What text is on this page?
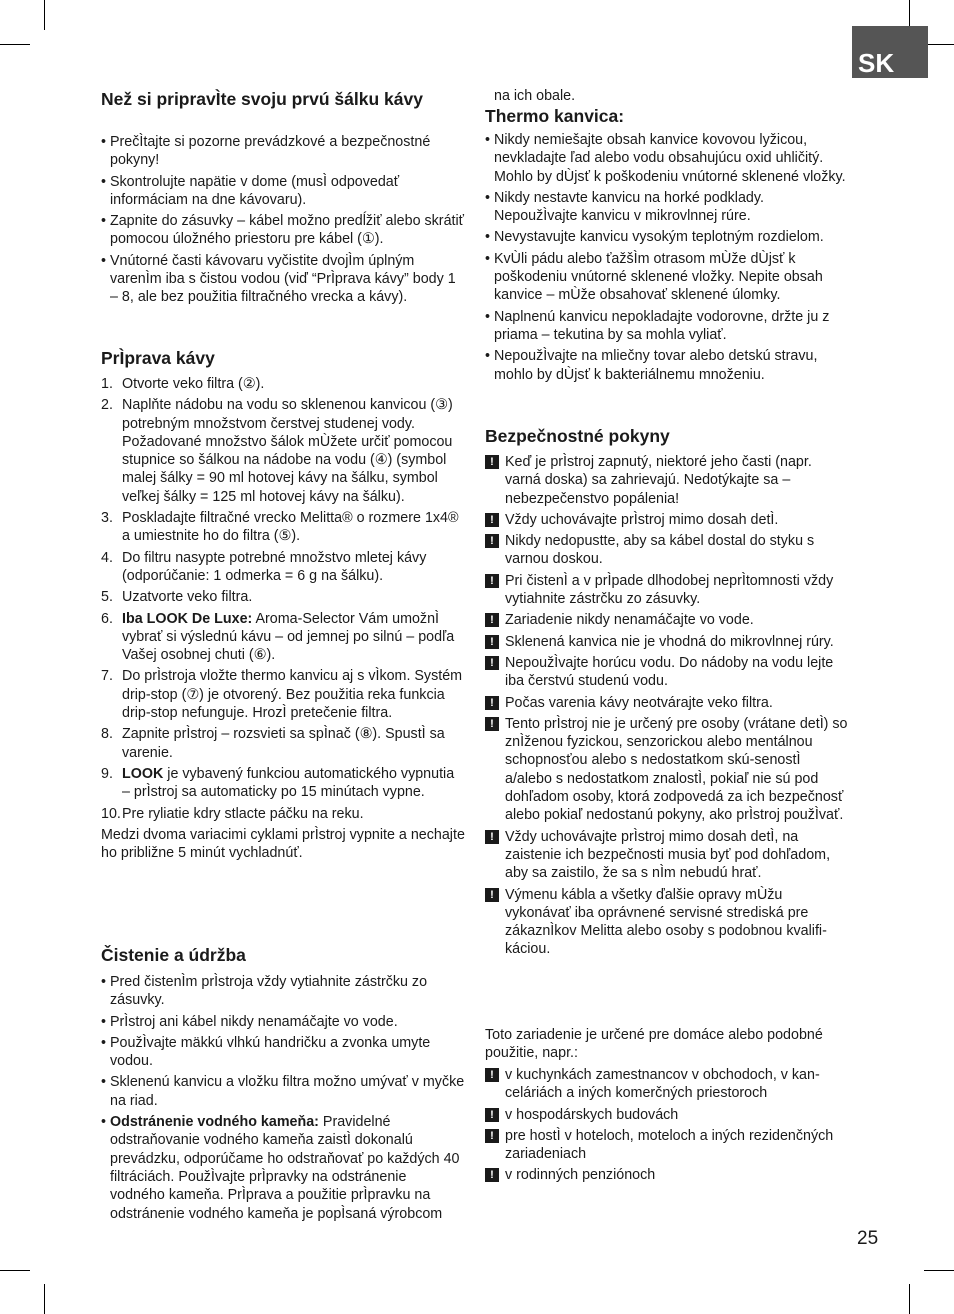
SK
Než si pripravÌte svoju prvú šálku kávy
• PrečÌtajte si pozorne prevádzkové a bezpečnostné pokyny!
• Skontrolujte napätie v dome (musÌ odpovedať informáciam na dne kávovaru).
• Zapnite do zásuvky – kábel možno predĺžiť alebo skrátiť pomocou úložného priestoru pre kábel (①).
• Vnútorné časti kávovaru vyčistite dvojÌm úplným varenÌm iba s čistou vodou (viď “PrÌprava kávy” body 1 – 8, ale bez použitia filtračného vrecka a kávy).
PrÌprava kávy
1. Otvorte veko filtra (②).
2. Naplňte nádobu na vodu so sklenenou kanvicou (③) potrebným množstvom čerstvej studenej vody. Požadované množstvo šálok mÙžete určiť pomocou stupnice so šálkou na nádobe na vodu (④) (symbol malej šálky = 90 ml hotovej kávy na šálku, symbol veľkej šálky = 125 ml hotovej kávy na šálku).
3. Poskladajte filtračné vrecko Melitta® o rozmere 1x4® a umiestnite ho do filtra (⑤).
4. Do filtru nasypte potrebné množstvo mletej kávy (odporúčanie: 1 odmerka = 6 g na šálku).
5. Uzatvorte veko filtra.
6. Iba LOOK De Luxe: Aroma-Selector Vám umožnÌ vybrať si výslednú kávu – od jemnej po silnú – podľa Vašej osobnej chuti (⑥).
7. Do prÌstroja vložte thermo kanvicu aj s vÌkom. Systém drip-stop (⑦) je otvorený. Bez použitia reka funkcia drip-stop nefunguje. HrozÌ pretečenie filtra.
8. Zapnite prÌstroj – rozsvieti sa spÌnač (⑧). SpustÌ sa varenie.
9. LOOK je vybavený funkciou automatického vypnutia – prÌstroj sa automaticky po 15 minútach vypne.
10. Pre ryliatie kdry stlacte páčku na reku.
Medzi dvoma variacimi cyklami prÌstroj vypnite a nechajte ho približne 5 minút vychladnúť.
Čistenie a údržba
• Pred čistenÌm prÌstroja vždy vytiahnite zástrčku zo zásuvky.
• PrÌstroj ani kábel nikdy nenamáčajte vo vode.
• PoužÌvajte mäkkú vlhkú handričku a zvonka umyte vodou.
• Sklenenú kanvicu a vložku filtra možno umývať v myčke na riad.
• Odstránenie vodného kameňa: Pravidelné odstraňovanie vodného kameňa zaistÌ dokonalú prevádzku, odporúčame ho odstraňovať po každých 40 filtráciách. PoužÌvajte prÌpravky na odstránenie vodného kameňa. PrÌprava a použitie prÌpravku na odstránenie vodného kameňa je popÌsaná výrobcom
na ich obale.
Thermo kanvica:
• Nikdy nemiešajte obsah kanvice kovovou lyžicou, nevkladajte ľad alebo vodu obsahujúcu oxid uhličitý. Mohlo by dÙjsť k poškodeniu vnútorné sklenené vložky.
• Nikdy nestavte kanvicu na horké podklady. NepoužÌvajte kanvicu v mikrovlnnej rúre.
• Nevystavujte kanvicu vysokým teplotným rozdielom.
• KvÙli pádu alebo ťažšÌm otrasom mÙže dÙjsť k poškodeniu vnútorné sklenené vložky. Nepite obsah kanvice – mÙže obsahovať sklenené úlomky.
• Naplnenú kanvicu nepokladajte vodorovne, držte ju z priama – tekutina by sa mohla vyliať.
• NepoužÌvajte na mliečny tovar alebo detskú stravu, mohlo by dÙjsť k bakteriálnemu množeniu.
Bezpečnostné pokyny
! Keď je prÌstroj zapnutý, niektoré jeho časti (napr. varná doska) sa zahrievajú. Nedotýkajte sa – nebezpečenstvo popálenia!
! Vždy uchovávajte prÌstroj mimo dosah detÌ.
! Nikdy nedopustte, aby sa kábel dostal do styku s varnou doskou.
! Pri čistenÌ a v prÌpade dlhodobej neprÌtomnosti vždy vytiahnite zástrčku zo zásuvky.
! Zariadenie nikdy nenamáčajte vo vode.
! Sklenená kanvica nie je vhodná do mikrovlnnej rúry.
! NepoužÌvajte horúcu vodu. Do nádoby na vodu lejte iba čerstvú studenú vodu.
! Počas varenia kávy neotvárajte veko filtra.
! Tento prÌstroj nie je určený pre osoby (vrátane detÌ) so znÌženou fyzickou, senzorickou alebo mentálnou schopnosťou alebo s nedostatkom skú-senostÌ a/alebo s nedostatkom znalostÌ, pokiaľ nie sú pod dohľadom osoby, ktorá zodpovedá za ich bezpečnosť alebo pokiaľ nedostanú pokyny, ako prÌstroj použÌvať.
! Vždy uchovávajte prÌstroj mimo dosah detÌ, na zaistenie ich bezpečnosti musia byť pod dohľadom, aby sa zaistilo, že sa s nÌm nebudú hrať.
! Výmenu kábla a všetky ďalšie opravy mÙžu vykonávať iba oprávnené servisné strediská pre zákaznÌkov Melitta alebo osoby s podobnou kvalifi-káciou.
Toto zariadenie je určené pre domáce alebo podobné použitie, napr.:
! v kuchynkách zamestnancov v obchodoch, v kan-celáriách a iných komerčných priestoroch
! v hospodárskych budovách
! pre hostÌ v hoteloch, moteloch a iných rezidenčných zariadeniach
! v rodinných penziónoch
25
